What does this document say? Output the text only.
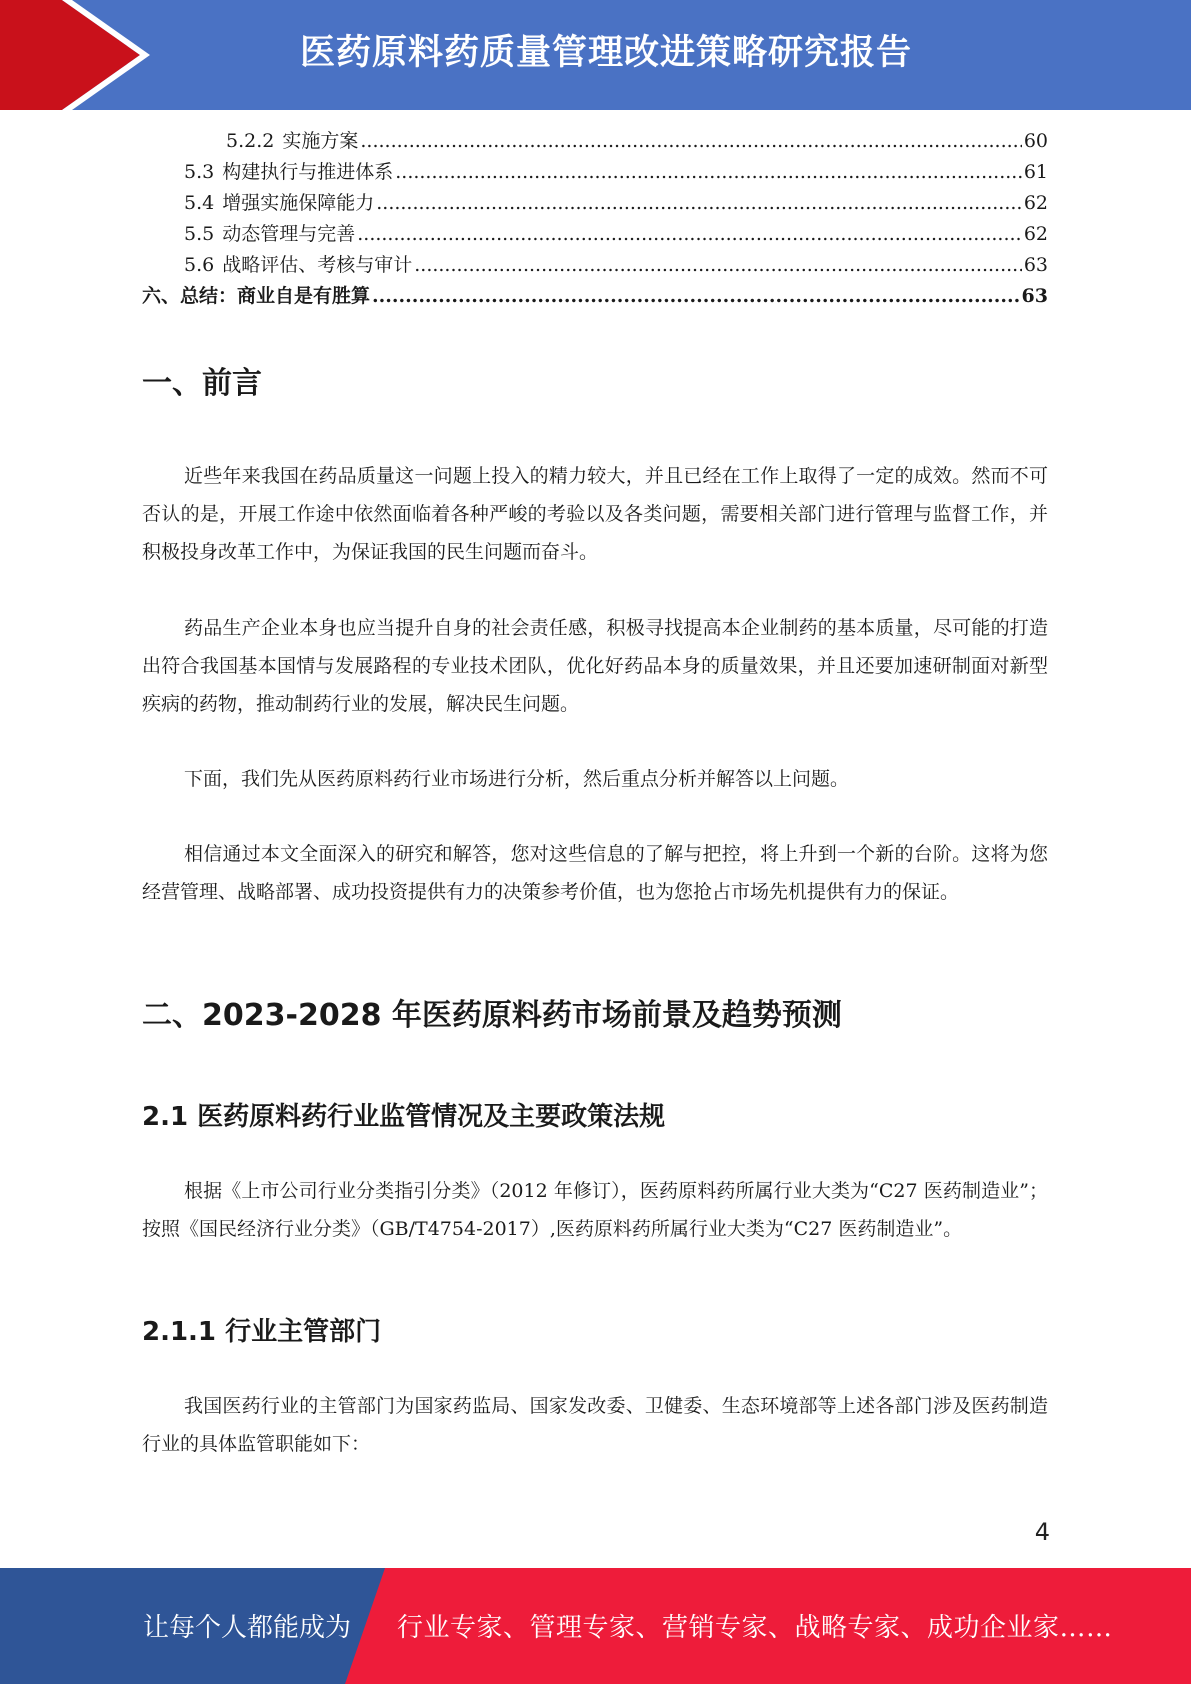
医药原料药质量管理改进策略研究报告
5.2.2 实施方案 .....	60
5.3 构建执行与推进体系 .....	61
5.4 增强实施保障能力 .....	62
5.5 动态管理与完善 .....	62
5.6 战略评估、考核与审计 .....	63
六、总结：商业自是有胜算 .....	63
一、前言

近些年来我国在药品质量这一问题上投入的精力较大，并且已经在工作上取得了一定的成效。然而不可否认的是，开展工作途中依然面临着各种严峻的考验以及各类问题，需要相关部门进行管理与监督工作，并积极投身改革工作中，为保证我国的民生问题而奋斗。

药品生产企业本身也应当提升自身的社会责任感，积极寻找提高本企业制药的基本质量，尽可能的打造出符合我国基本国情与发展路程的专业技术团队，优化好药品本身的质量效果，并且还要加速研制面对新型疾病的药物，推动制药行业的发展，解决民生问题。

下面，我们先从医药原料药行业市场进行分析，然后重点分析并解答以上问题。

相信通过本文全面深入的研究和解答，您对这些信息的了解与把控，将上升到一个新的台阶。这将为您经营管理、战略部署、成功投资提供有力的决策参考价值，也为您抢占市场先机提供有力的保证。

二、2023-2028 年医药原料药市场前景及趋势预测
2.1 医药原料药行业监管情况及主要政策法规

根据《上市公司行业分类指引分类》（2012 年修订），医药原料药所属行业大类为“C27 医药制造业”；按照《国民经济行业分类》（GB/T4754-2017）,医药原料药所属行业大类为“C27 医药制造业”。

2.1.1 行业主管部门

我国医药行业的主管部门为国家药监局、国家发改委、卫健委、生态环境部等上述各部门涉及医药制造行业的具体监管职能如下：

4
让每个人都能成为 行业专家、管理专家、营销专家、战略专家、成功企业家……
